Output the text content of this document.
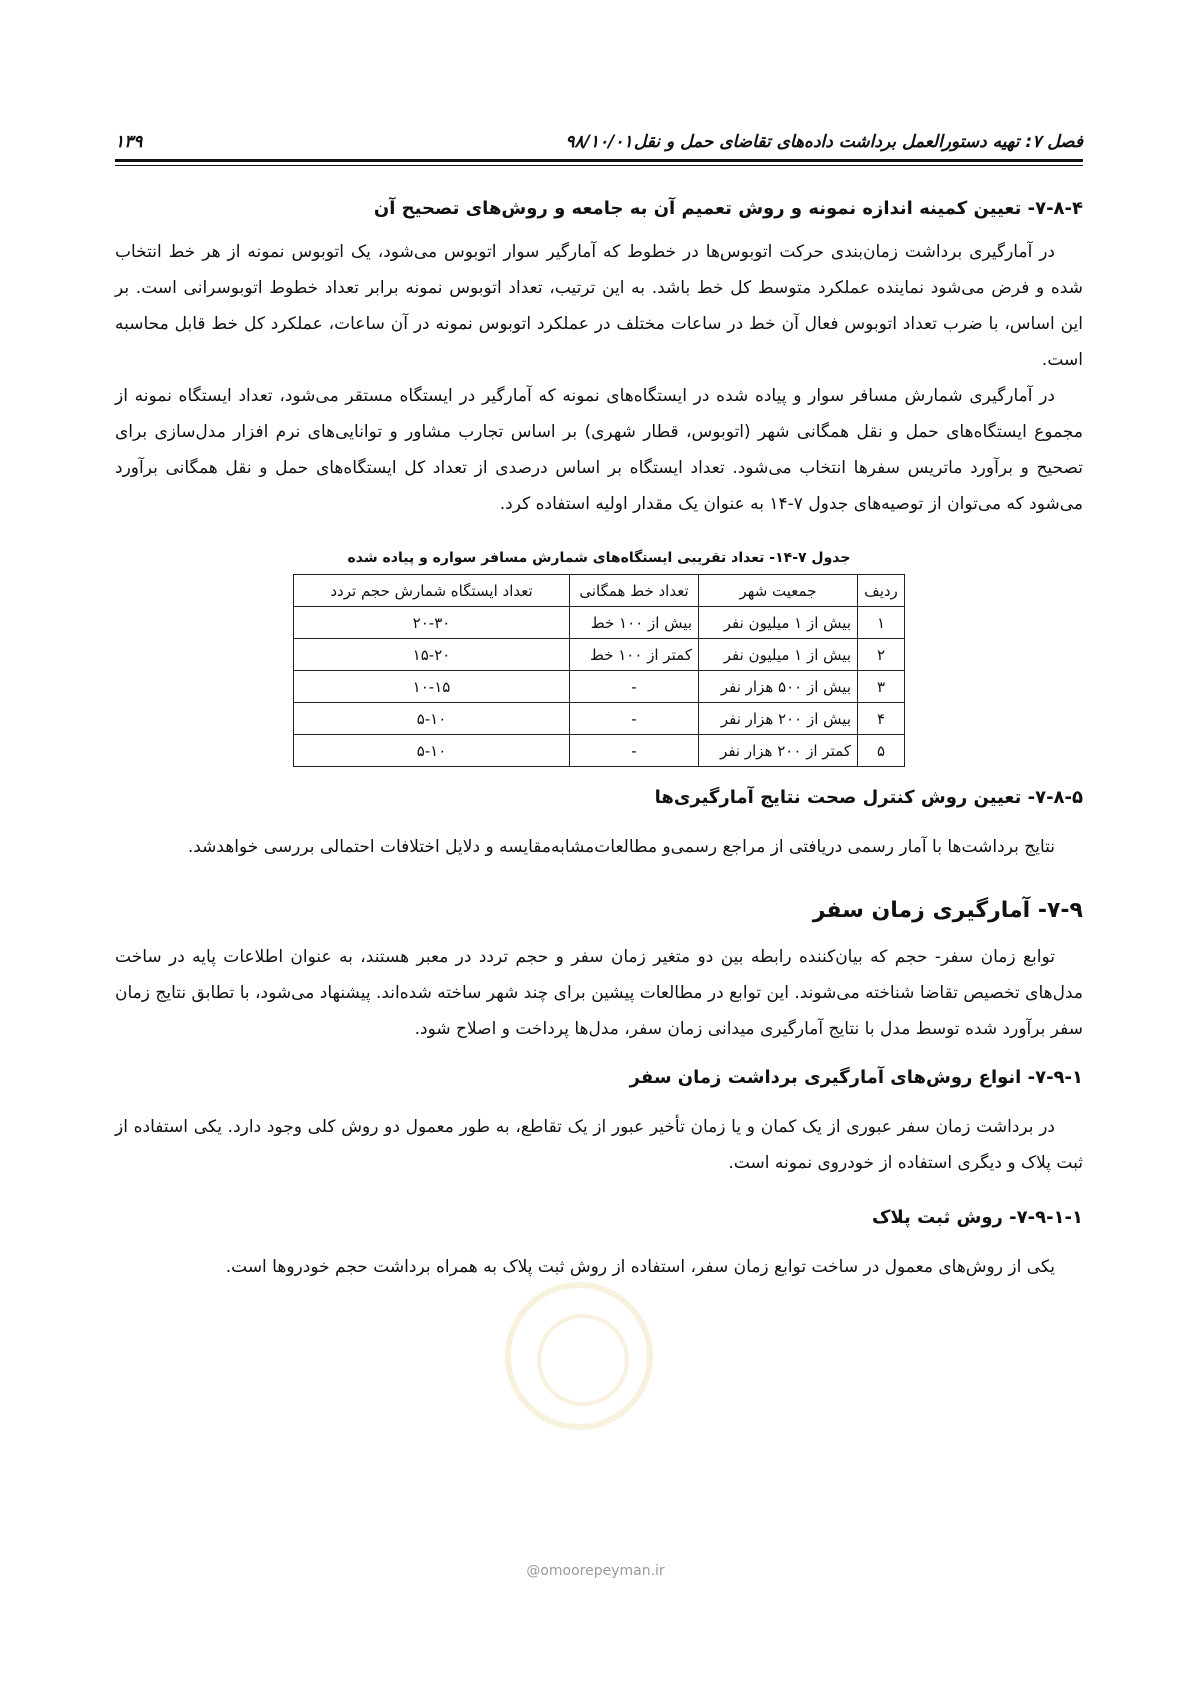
فصل ۷: تهیه دستورالعمل برداشت داده‌های تقاضای حمل و نقل
۹۸/۱۰/۰۱
۱۳۹
۷-۸-۴- تعیین کمینه اندازه نمونه و روش تعمیم آن به جامعه و روش‌های تصحیح آن

در آمارگیری برداشت زمان‌بندی حرکت اتوبوس‌ها در خطوط که آمارگیر سوار اتوبوس می‌شود، یک اتوبوس نمونه از هر خط انتخاب شده و فرض می‌شود نماینده عملکرد متوسط کل خط باشد. به این ترتیب، تعداد اتوبوس نمونه برابر تعداد خطوط اتوبوسرانی است. بر این اساس، با ضرب تعداد اتوبوس فعال آن خط در ساعات مختلف در عملکرد اتوبوس نمونه در آن ساعات، عملکرد کل خط قابل محاسبه است.

در آمارگیری شمارش مسافر سوار و پیاده شده در ایستگاه‌های نمونه که آمارگیر در ایستگاه مستقر می‌شود، تعداد ایستگاه نمونه از مجموع ایستگاه‌های حمل و نقل همگانی شهر (اتوبوس، قطار شهری) بر اساس تجارب مشاور و توانایی‌های نرم افزار مدل‌سازی برای تصحیح و برآورد ماتریس سفرها انتخاب می‌شود. تعداد ایستگاه بر اساس درصدی از تعداد کل ایستگاه‌های حمل و نقل همگانی برآورد می‌شود که می‌توان از توصیه‌های جدول ۷-۱۴ به عنوان یک مقدار اولیه استفاده کرد.

جدول ۷-۱۴- تعداد تقریبی ایستگاه‌های شمارش مسافر سواره و پیاده شده
ردیف	جمعیت شهر	تعداد خط همگانی	تعداد ایستگاه شمارش حجم تردد
۱	بیش از ۱ میلیون نفر	بیش از ۱۰۰ خط	۲۰-۳۰
۲	بیش از ۱ میلیون نفر	کمتر از ۱۰۰ خط	۱۵-۲۰
۳	بیش از ۵۰۰ هزار نفر	-	۱۰-۱۵
۴	بیش از ۲۰۰ هزار نفر	-	۵-۱۰
۵	کمتر از ۲۰۰ هزار نفر	-	۵-۱۰
۷-۸-۵- تعیین روش کنترل صحت نتایج آمارگیری‌ها

نتایج برداشت‌ها با آمار رسمی دریافتی از مراجع رسمی‌و مطالعات‌مشابه‌مقایسه و دلایل اختلافات احتمالی بررسی خواهدشد.

۷-۹- آمارگیری زمان سفر

توابع زمان سفر- حجم که بیان‌کننده رابطه بین دو متغیر زمان سفر و حجم تردد در معبر هستند، به عنوان اطلاعات پایه در ساخت مدل‌های تخصیص تقاضا شناخته می‌شوند. این توابع در مطالعات پیشین برای چند شهر ساخته شده‌اند. پیشنهاد می‌شود، با تطابق نتایج زمان سفر برآورد شده توسط مدل با نتایج آمارگیری میدانی زمان سفر، مدل‌ها پرداخت و اصلاح شود.

۷-۹-۱- انواع روش‌های آمارگیری برداشت زمان سفر

در برداشت زمان سفر عبوری از یک کمان و یا زمان تأخیر عبور از یک تقاطع، به طور معمول دو روش کلی وجود دارد. یکی استفاده از ثبت پلاک و دیگری استفاده از خودروی نمونه است.

۷-۹-۱-۱- روش ثبت پلاک

یکی از روش‌های معمول در ساخت توابع زمان سفر، استفاده از روش ثبت پلاک به همراه برداشت حجم خودروها است.

@omoorepeyman.ir
